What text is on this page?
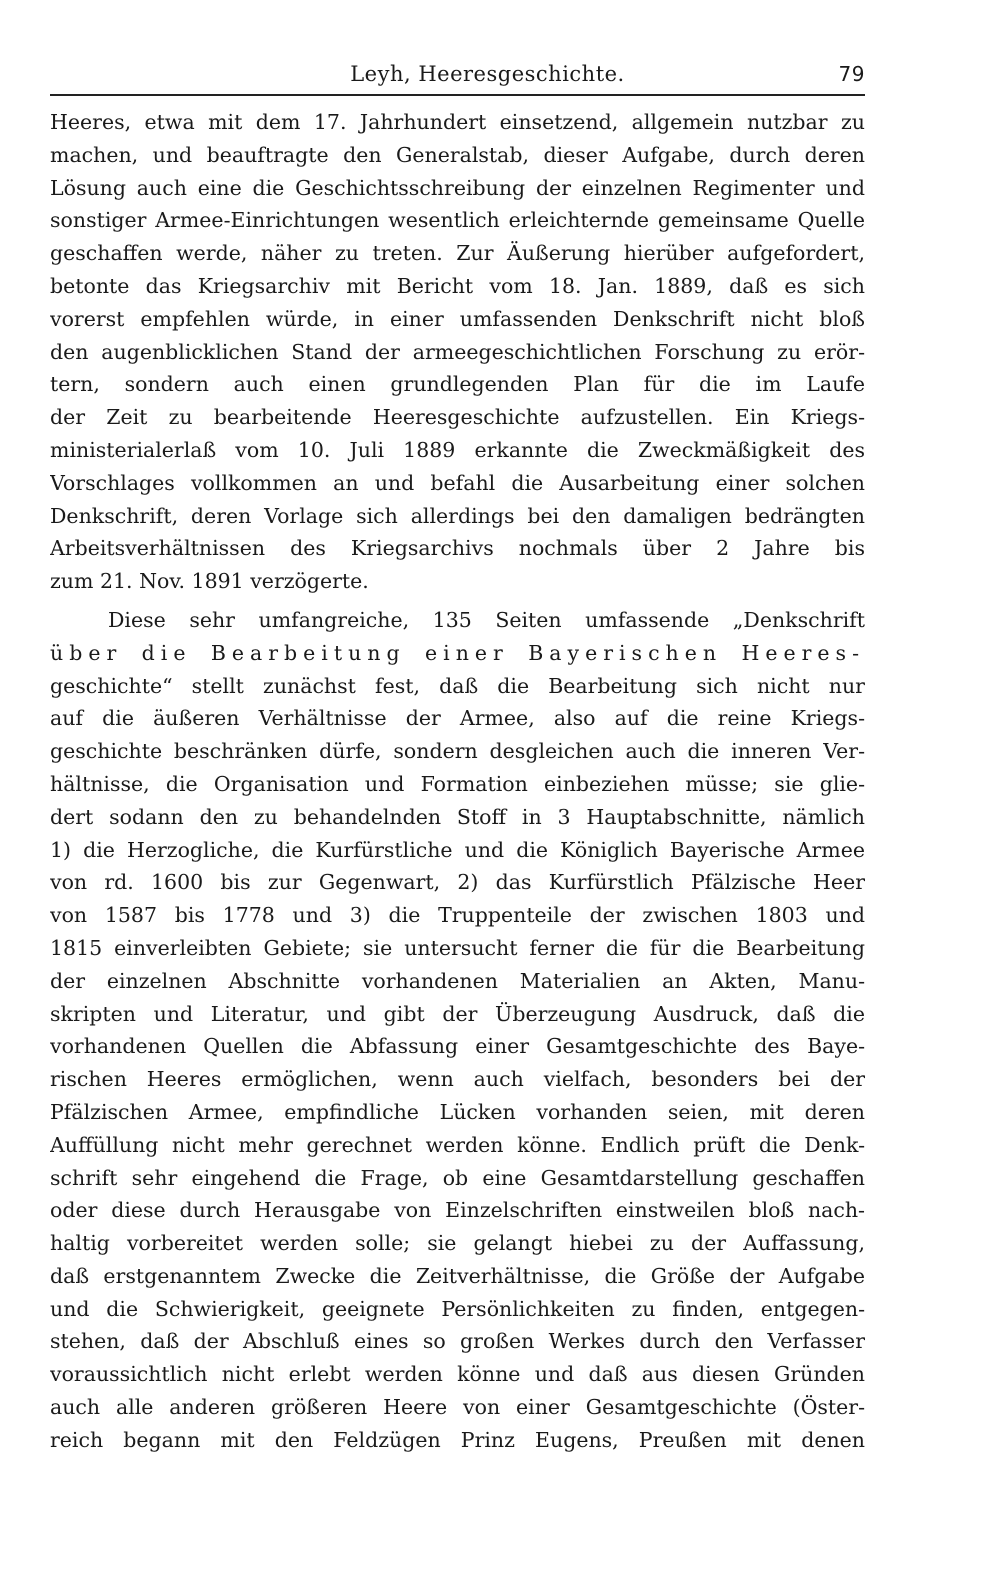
Leyh, Heeresgeschichte.	79
Heeres, etwa mit dem 17. Jahrhundert einsetzend, allgemein nutzbar zu
machen, und beauftragte den Generalstab, dieser Aufgabe, durch deren
Lösung auch eine die Geschichtsschreibung der einzelnen Regimenter und
sonstiger Armee-Einrichtungen wesentlich erleichternde gemeinsame Quelle
geschaffen werde, näher zu treten. Zur Äußerung hierüber aufgefordert,
betonte das Kriegsarchiv mit Bericht vom 18. Jan. 1889, daß es sich
vorerst empfehlen würde, in einer umfassenden Denkschrift nicht bloß
den augenblicklichen Stand der armeegeschichtlichen Forschung zu erör-
tern, sondern auch einen grundlegenden Plan für die im Laufe
der Zeit zu bearbeitende Heeresgeschichte aufzustellen. Ein Kriegs-
ministerialerlaß vom 10. Juli 1889 erkannte die Zweckmäßigkeit des
Vorschlages vollkommen an und befahl die Ausarbeitung einer solchen
Denkschrift, deren Vorlage sich allerdings bei den damaligen bedrängten
Arbeitsverhältnissen des Kriegsarchivs nochmals über 2 Jahre bis
zum 21. Nov. 1891 verzögerte.
Diese sehr umfangreiche, 135 Seiten umfassende „Denkschrift
über die Bearbeitung einer Bayerischen Heeres-
geschichte“ stellt zunächst fest, daß die Bearbeitung sich nicht nur
auf die äußeren Verhältnisse der Armee, also auf die reine Kriegs-
geschichte beschränken dürfe, sondern desgleichen auch die inneren Ver-
hältnisse, die Organisation und Formation einbeziehen müsse; sie glie-
dert sodann den zu behandelnden Stoff in 3 Hauptabschnitte, nämlich
1) die Herzogliche, die Kurfürstliche und die Königlich Bayerische Armee
von rd. 1600 bis zur Gegenwart, 2) das Kurfürstlich Pfälzische Heer
von 1587 bis 1778 und 3) die Truppenteile der zwischen 1803 und
1815 einverleibten Gebiete; sie untersucht ferner die für die Bearbeitung
der einzelnen Abschnitte vorhandenen Materialien an Akten, Manu-
skripten und Literatur, und gibt der Überzeugung Ausdruck, daß die
vorhandenen Quellen die Abfassung einer Gesamtgeschichte des Baye-
rischen Heeres ermöglichen, wenn auch vielfach, besonders bei der
Pfälzischen Armee, empfindliche Lücken vorhanden seien, mit deren
Auffüllung nicht mehr gerechnet werden könne. Endlich prüft die Denk-
schrift sehr eingehend die Frage, ob eine Gesamtdarstellung geschaffen
oder diese durch Herausgabe von Einzelschriften einstweilen bloß nach-
haltig vorbereitet werden solle; sie gelangt hiebei zu der Auffassung,
daß erstgenanntem Zwecke die Zeitverhältnisse, die Größe der Aufgabe
und die Schwierigkeit, geeignete Persönlichkeiten zu finden, entgegen-
stehen, daß der Abschluß eines so großen Werkes durch den Verfasser
voraussichtlich nicht erlebt werden könne und daß aus diesen Gründen
auch alle anderen größeren Heere von einer Gesamtgeschichte (Öster-
reich begann mit den Feldzügen Prinz Eugens, Preußen mit denen
